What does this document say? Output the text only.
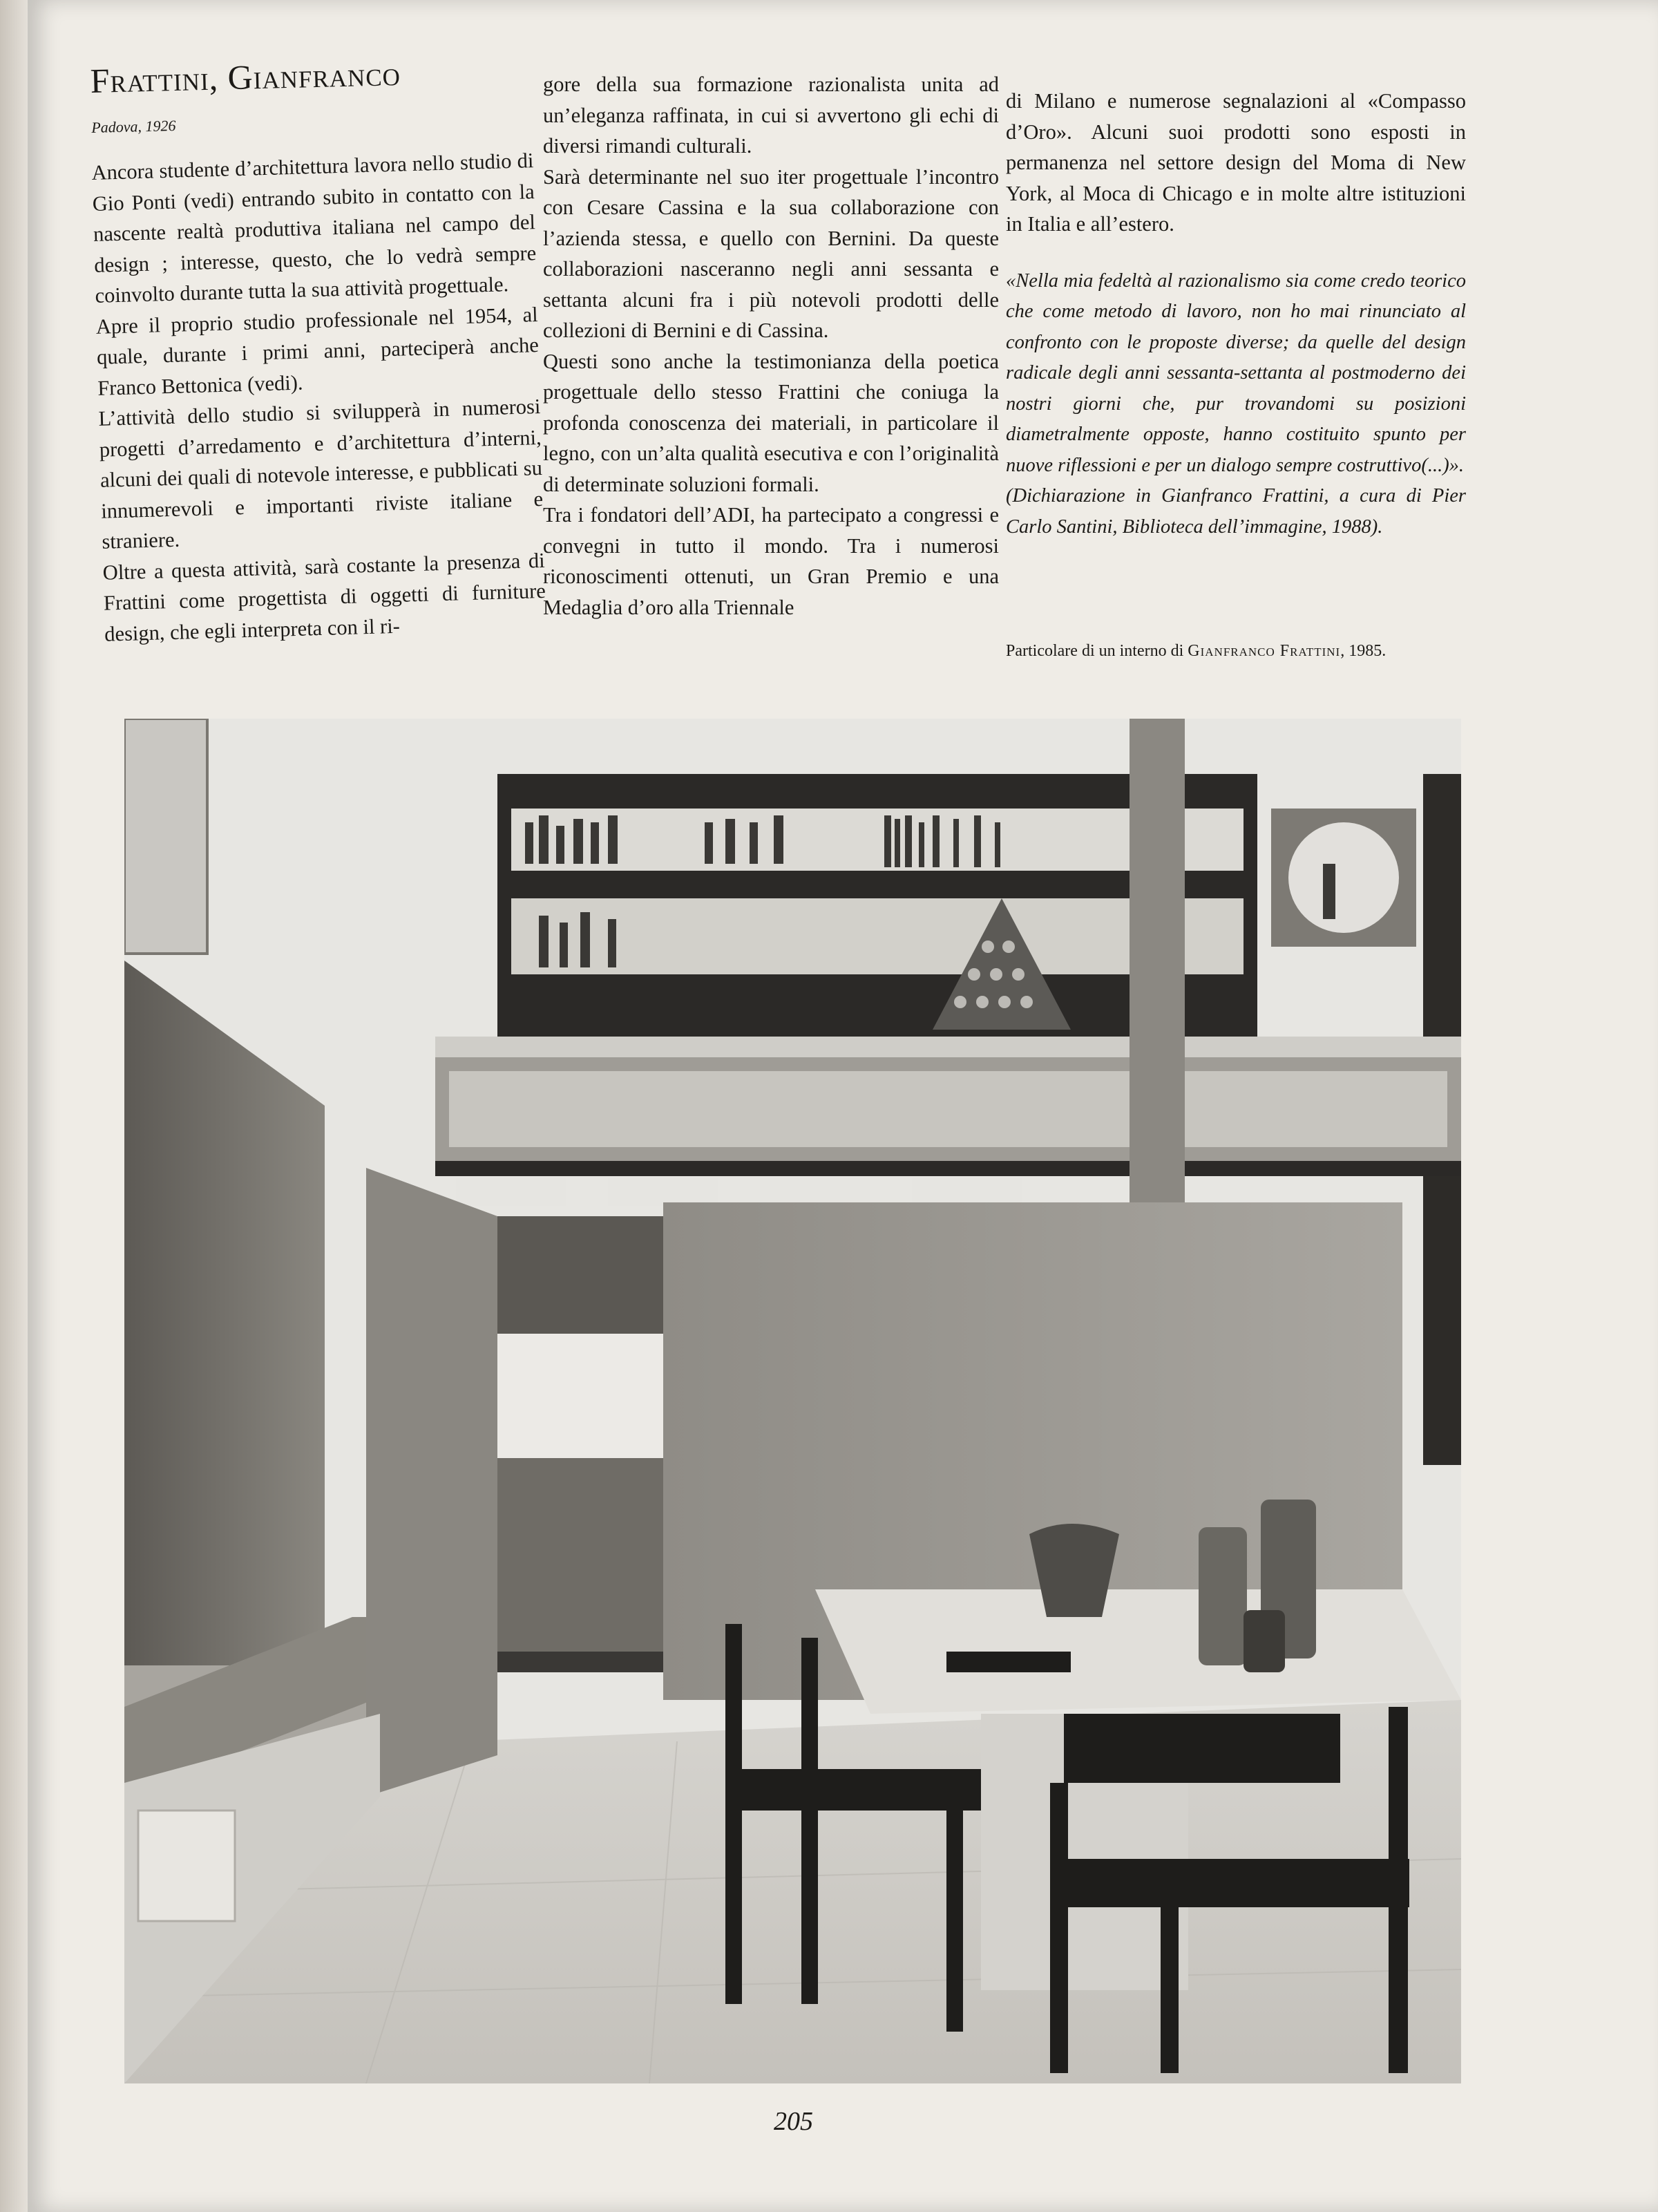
Frattini, Gianfranco
Padova, 1926

Ancora studente d’architettura lavora nello studio di Gio Ponti (vedi) entrando subito in contatto con la nascente realtà produttiva italiana nel campo del design ; interesse, questo, che lo vedrà sempre coinvolto durante tutta la sua attività progettuale.

Apre il proprio studio professionale nel 1954, al quale, durante i primi anni, parteciperà anche Franco Bettonica (vedi).

L’attività dello studio si svilupperà in numerosi progetti d’arredamento e d’architettura d’interni, alcuni dei quali di notevole interesse, e pubblicati su innumerevoli e importanti riviste italiane e straniere.

Oltre a questa attività, sarà costante la presenza di Frattini come progettista di oggetti di furniture design, che egli interpreta con il ri-

gore della sua formazione razionalista unita ad un’eleganza raffinata, in cui si avvertono gli echi di diversi rimandi culturali.

Sarà determinante nel suo iter progettuale l’incontro con Cesare Cassina e la sua collaborazione con l’azienda stessa, e quello con Bernini. Da queste collaborazioni nasceranno negli anni sessanta e settanta alcuni fra i più notevoli prodotti delle collezioni di Bernini e di Cassina.

Questi sono anche la testimonianza della poetica progettuale dello stesso Frattini che coniuga la profonda conoscenza dei materiali, in particolare il legno, con un’alta qualità esecutiva e con l’originalità di determinate soluzioni formali.

Tra i fondatori dell’ADI, ha partecipato a congressi e convegni in tutto il mondo. Tra i numerosi riconoscimenti ottenuti, un Gran Premio e una Medaglia d’oro alla Triennale

di Milano e numerose segnalazioni al «Compasso d’Oro». Alcuni suoi prodotti sono esposti in permanenza nel settore design del Moma di New York, al Moca di Chicago e in molte altre istituzioni in Italia e all’estero.

«Nella mia fedeltà al razionalismo sia come credo teorico che come metodo di lavoro, non ho mai rinunciato al confronto con le proposte diverse; da quelle del design radicale degli anni sessanta-settanta al postmoderno dei nostri giorni che, pur trovandomi su posizioni diametralmente opposte, hanno costituito spunto per nuove riflessioni e per un dialogo sempre costruttivo(...)».

(Dichiarazione in Gianfranco Frattini, a cura di Pier Carlo Santini, Biblioteca dell’immagine, 1988).

Particolare di un interno di Gianfranco Frattini, 1985.
205
